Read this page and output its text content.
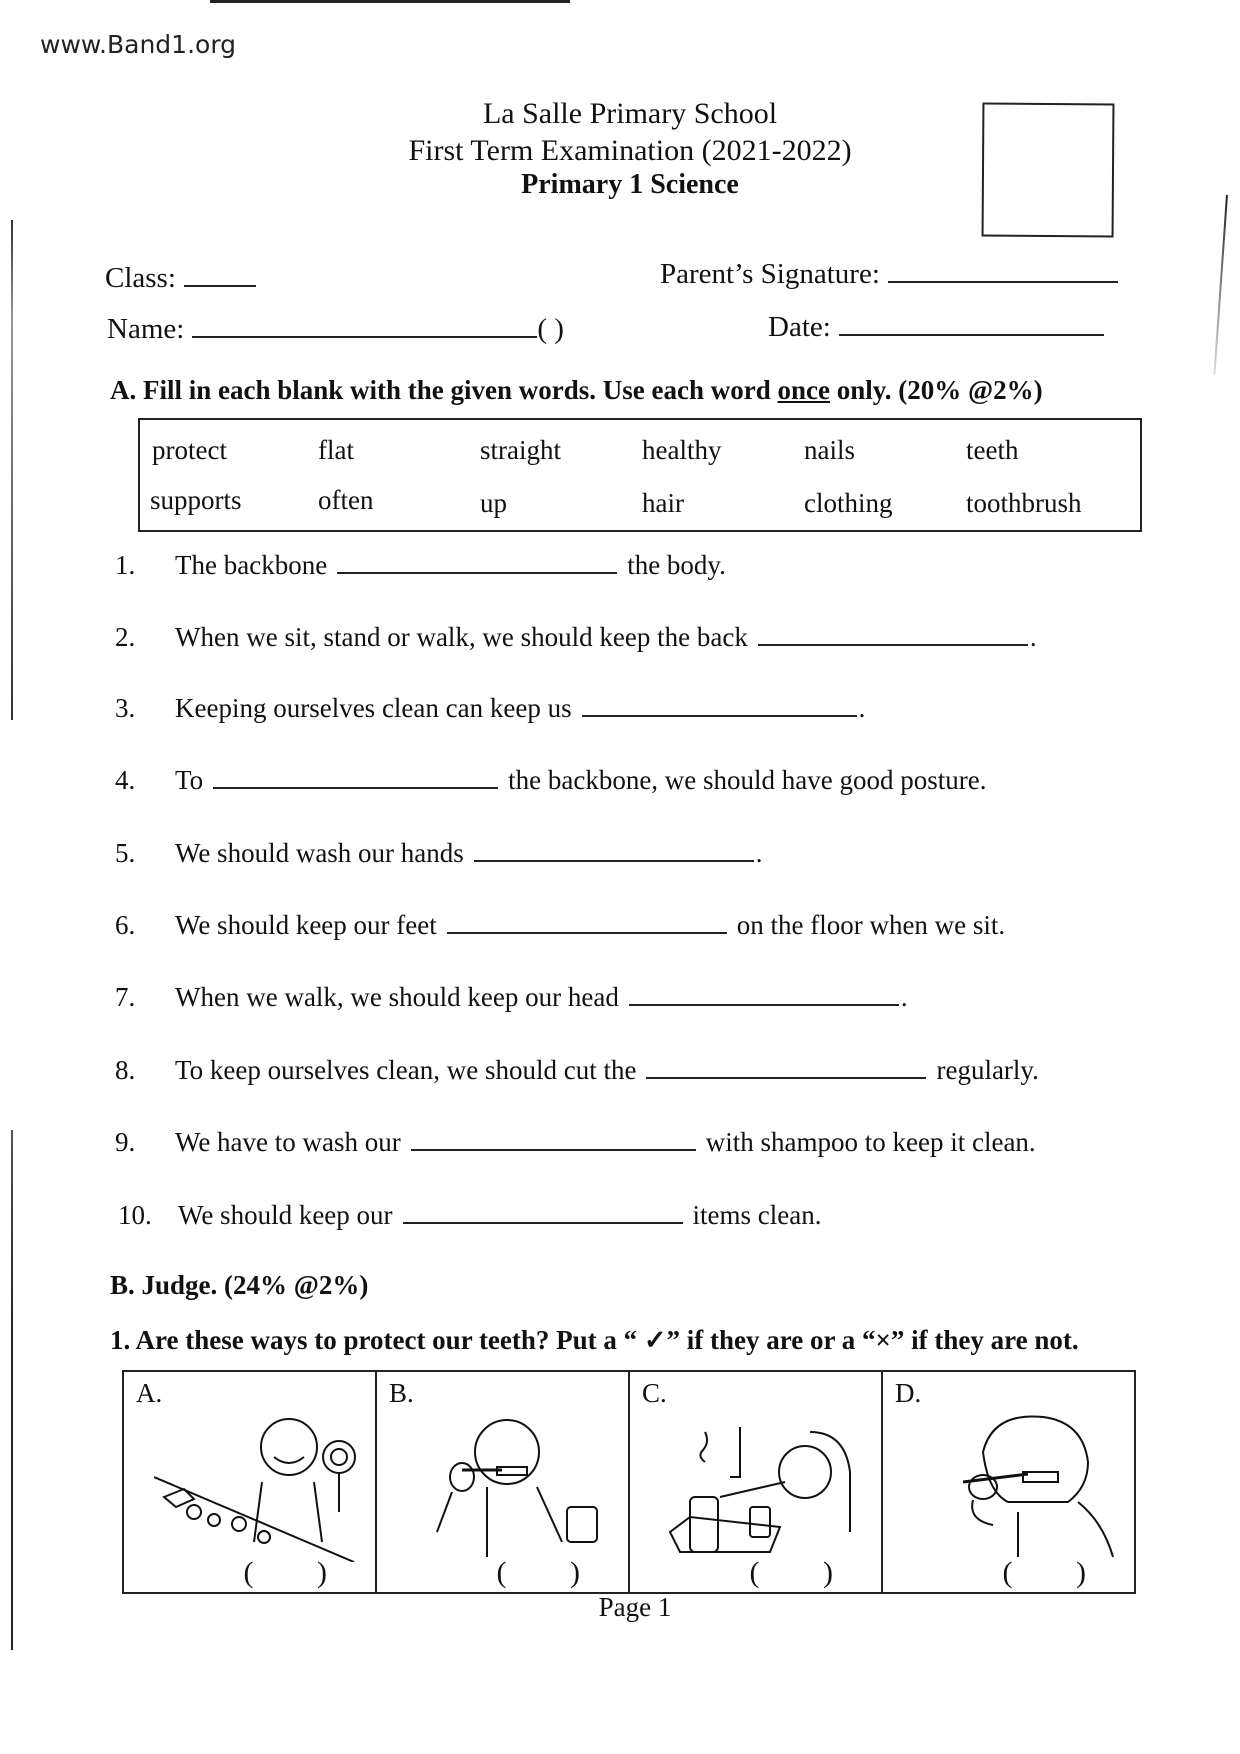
www.Band1.org
La Salle Primary School
First Term Examination (2021-2022)
Primary 1 Science
Class:	Parent’s Signature:
Name:	( )	Date:
A. Fill in each blank with the given words. Use each word once only. (20% @2%)
protect	flat	straight	healthy	nails	teeth
supports	often	up	hair	clothing	toothbrush
1. The backbone	the body.
2. When we sit, stand or walk, we should keep the back	.
3. Keeping ourselves clean can keep us	.
4. To	the backbone, we should have good posture.
5. We should wash our hands	.
6. We should keep our feet	on the floor when we sit.
7. When we walk, we should keep our head	.
8. To keep ourselves clean, we should cut the	regularly.
9. We have to wash our	with shampoo to keep it clean.
10. We should keep our	items clean.
B. Judge. (24% @2%)
1. Are these ways to protect our teeth? Put a “ ✓” if they are or a “×” if they are not.
A.
( )
B.
( )
C.
( )
D.
( )
Page 1
